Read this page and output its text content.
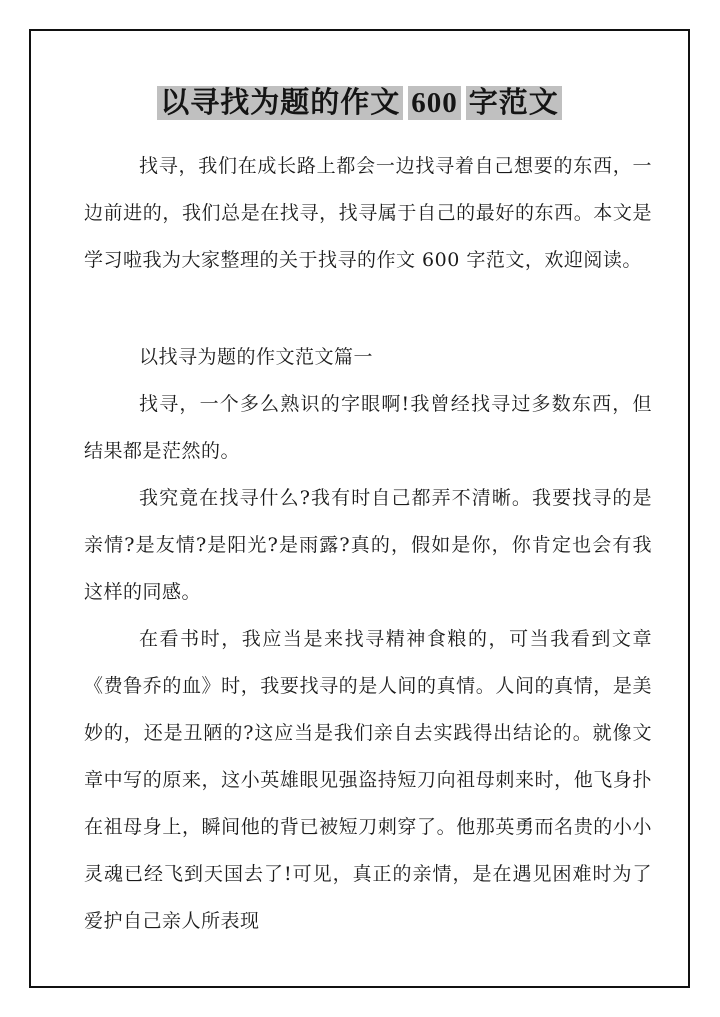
以寻找为题的作文 600 字范文

找寻，我们在成长路上都会一边找寻着自己想要的东西，一边前进的，我们总是在找寻，找寻属于自己的最好的东西。本文是学习啦我为大家整理的关于找寻的作文 600 字范文，欢迎阅读。

以找寻为题的作文范文篇一

找寻，一个多么熟识的字眼啊!我曾经找寻过多数东西，但结果都是茫然的。

我究竟在找寻什么?我有时自己都弄不清晰。我要找寻的是亲情?是友情?是阳光?是雨露?真的，假如是你，你肯定也会有我这样的同感。

在看书时，我应当是来找寻精神食粮的，可当我看到文章《费鲁乔的血》时，我要找寻的是人间的真情。人间的真情，是美妙的，还是丑陋的?这应当是我们亲自去实践得出结论的。就像文章中写的原来，这小英雄眼见强盗持短刀向祖母刺来时，他飞身扑在祖母身上，瞬间他的背已被短刀刺穿了。他那英勇而名贵的小小灵魂已经飞到天国去了!可见，真正的亲情，是在遇见困难时为了爱护自己亲人所表现
